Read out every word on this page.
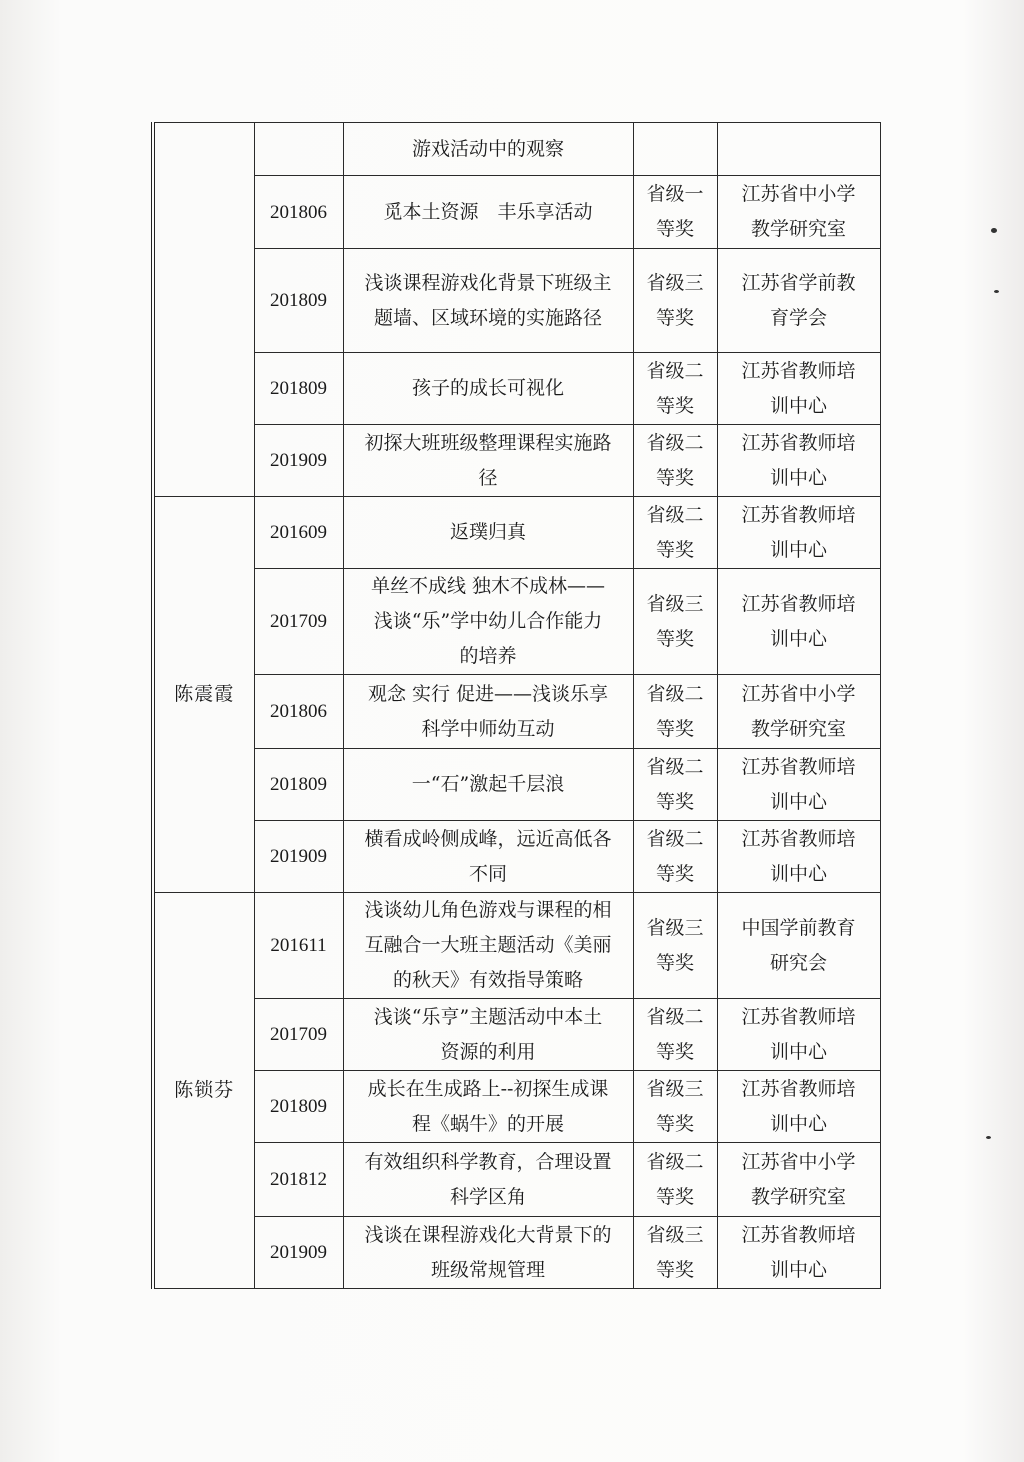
		游戏活动中的观察		

	201806	觅本土资源　丰乐享活动	省级一
等奖	江苏省中小学
教学研究室

	201809	浅谈课程游戏化背景下班级主
题墙、区域环境的实施路径	省级三
等奖	江苏省学前教
育学会

	201809	孩子的成长可视化	省级二
等奖	江苏省教师培
训中心

	201909	初探大班班级整理课程实施路
径	省级二
等奖	江苏省教师培
训中心

陈震霞	201609	返璞归真	省级二
等奖	江苏省教师培
训中心

	201709	单丝不成线 独木不成林——
浅谈“乐”学中幼儿合作能力
的培养	省级三
等奖	江苏省教师培
训中心

	201806	观念 实行 促进——浅谈乐享
科学中师幼互动	省级二
等奖	江苏省中小学
教学研究室

	201809	一“石”激起千层浪	省级二
等奖	江苏省教师培
训中心

	201909	横看成岭侧成峰，远近高低各
不同	省级二
等奖	江苏省教师培
训中心

陈锁芬	201611	浅谈幼儿角色游戏与课程的相
互融合一大班主题活动《美丽
的秋天》有效指导策略	省级三
等奖	中国学前教育
研究会

	201709	浅谈“乐亨”主题活动中本土
资源的利用	省级二
等奖	江苏省教师培
训中心

	201809	成长在生成路上--初探生成课
程《蜗牛》的开展	省级三
等奖	江苏省教师培
训中心

	201812	有效组织科学教育，合理设置
科学区角	省级二
等奖	江苏省中小学
教学研究室

	201909	浅谈在课程游戏化大背景下的
班级常规管理	省级三
等奖	江苏省教师培
训中心
